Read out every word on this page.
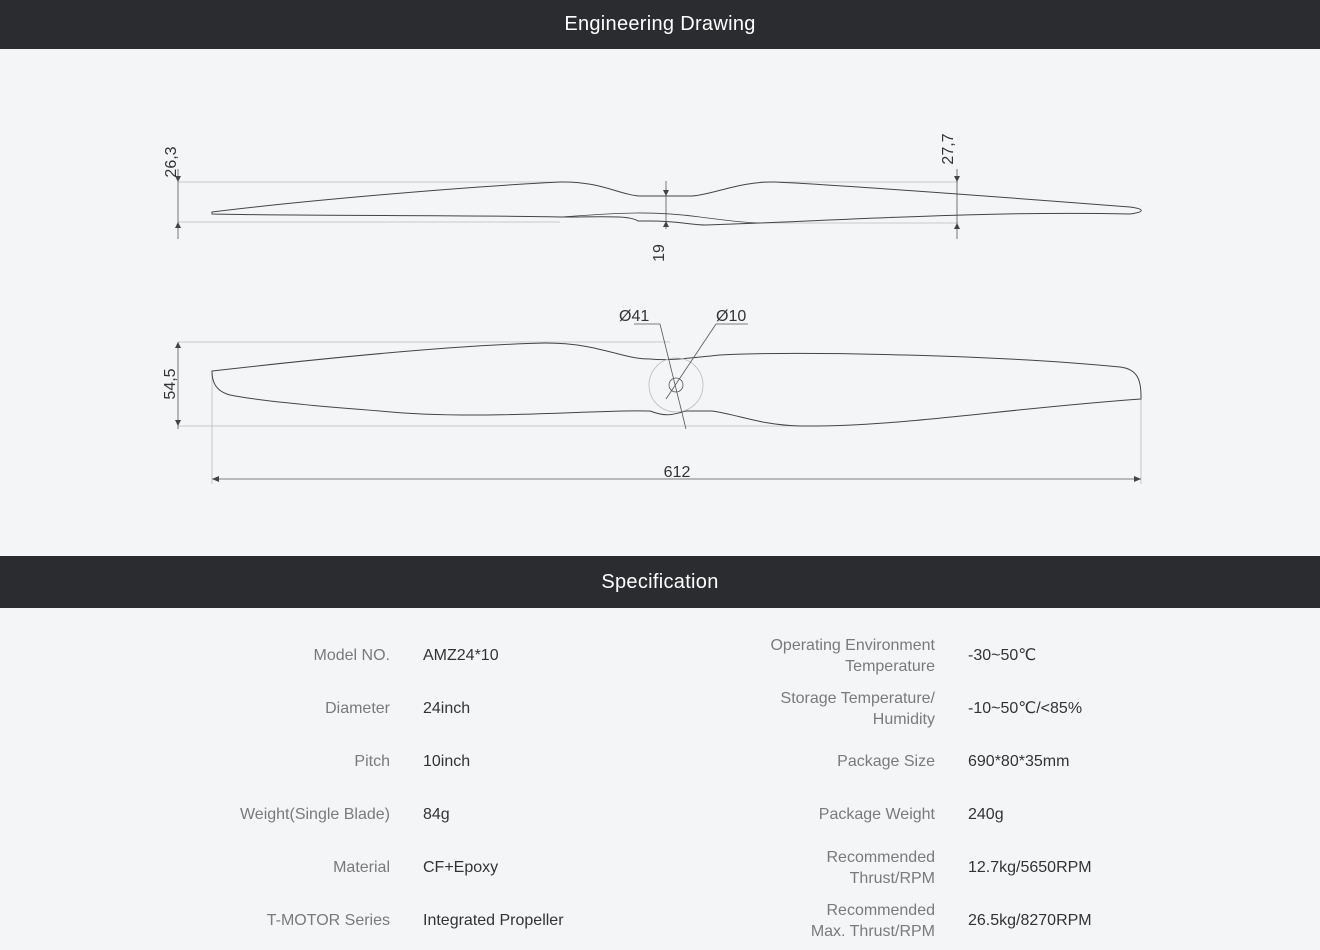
Engineering Drawing
26,3	27,7
19
Ø41	Ø10
54,5
612
Specification
Model NO. AMZ24*10
Diameter 24inch
Pitch 10inch
Weight(Single Blade) 84g
Material CF+Epoxy
T-MOTOR Series Integrated Propeller
Operating Environment Temperature
-30~50℃
Storage Temperature/ Humidity
-10~50℃/<85%
Package Size 690*80*35mm
Package Weight 240g
Recommended Thrust/RPM
12.7kg/5650RPM
Recommended Max. Thrust/RPM
26.5kg/8270RPM
